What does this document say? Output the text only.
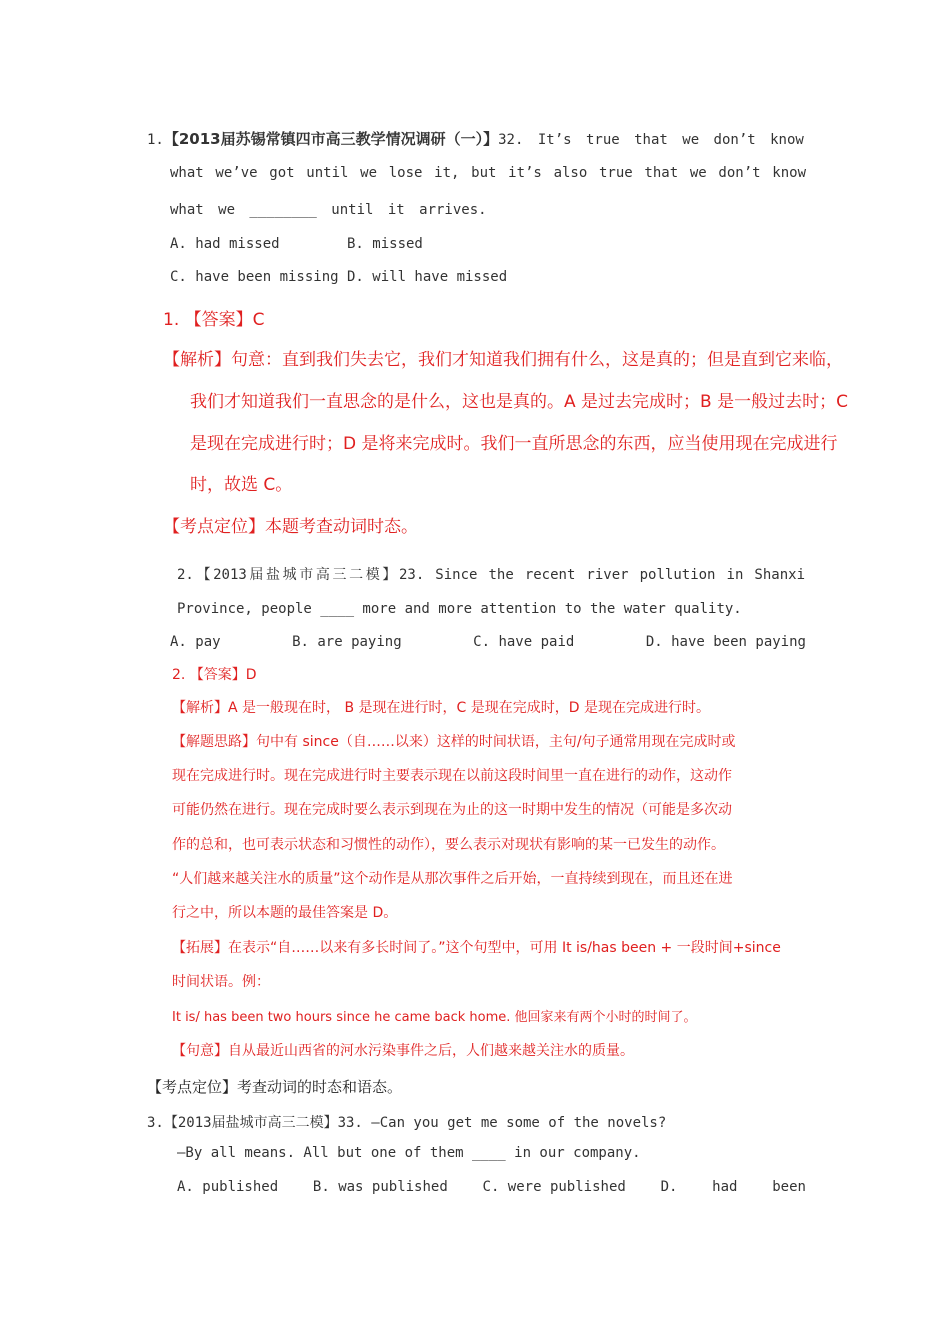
1.【2013届苏锡常镇四市高三教学情况调研（一）】32. It’s true that we don’t know
what we’ve got until we lose it, but it’s also true that we don’t know
what we ________ until it arrives.
A. had missed        B. missed
C. have been missing D. will have missed
1. 【答案】C
【解析】句意：直到我们失去它，我们才知道我们拥有什么，这是真的；但是直到它来临，
我们才知道我们一直思念的是什么，这也是真的。A 是过去完成时；B 是一般过去时；C
是现在完成进行时；D 是将来完成时。我们一直所思念的东西，应当使用现在完成进行
时，故选 C。
【考点定位】本题考查动词时态。
2.【2013届盐城市高三二模】23. Since the recent river pollution in Shanxi
Province, people ____ more and more attention to the water quality.
A. pay	B. are paying	C. have paid	D. have been paying
2. 【答案】D
【解析】A 是一般现在时， B 是现在进行时，C 是现在完成时，D 是现在完成进行时。
【解题思路】句中有 since（自……以来）这样的时间状语，主句/句子通常用现在完成时或
现在完成进行时。现在完成进行时主要表示现在以前这段时间里一直在进行的动作，这动作
可能仍然在进行。现在完成时要么表示到现在为止的这一时期中发生的情况（可能是多次动
作的总和，也可表示状态和习惯性的动作），要么表示对现状有影响的某一已发生的动作。
“人们越来越关注水的质量”这个动作是从那次事件之后开始，一直持续到现在，而且还在进
行之中，所以本题的最佳答案是 D。
【拓展】在表示“自……以来有多长时间了。”这个句型中，可用 It is/has been + 一段时间+since
时间状语。例：
It is/ has been two hours since he came back home. 他回家来有两个小时的时间了。
【句意】自从最近山西省的河水污染事件之后，人们越来越关注水的质量。
【考点定位】考查动词的时态和语态。
3.【2013届盐城市高三二模】33. —Can you get me some of the novels?
—By all means. All but one of them ____ in our company.
A. published B. was published C. were published D. had been
